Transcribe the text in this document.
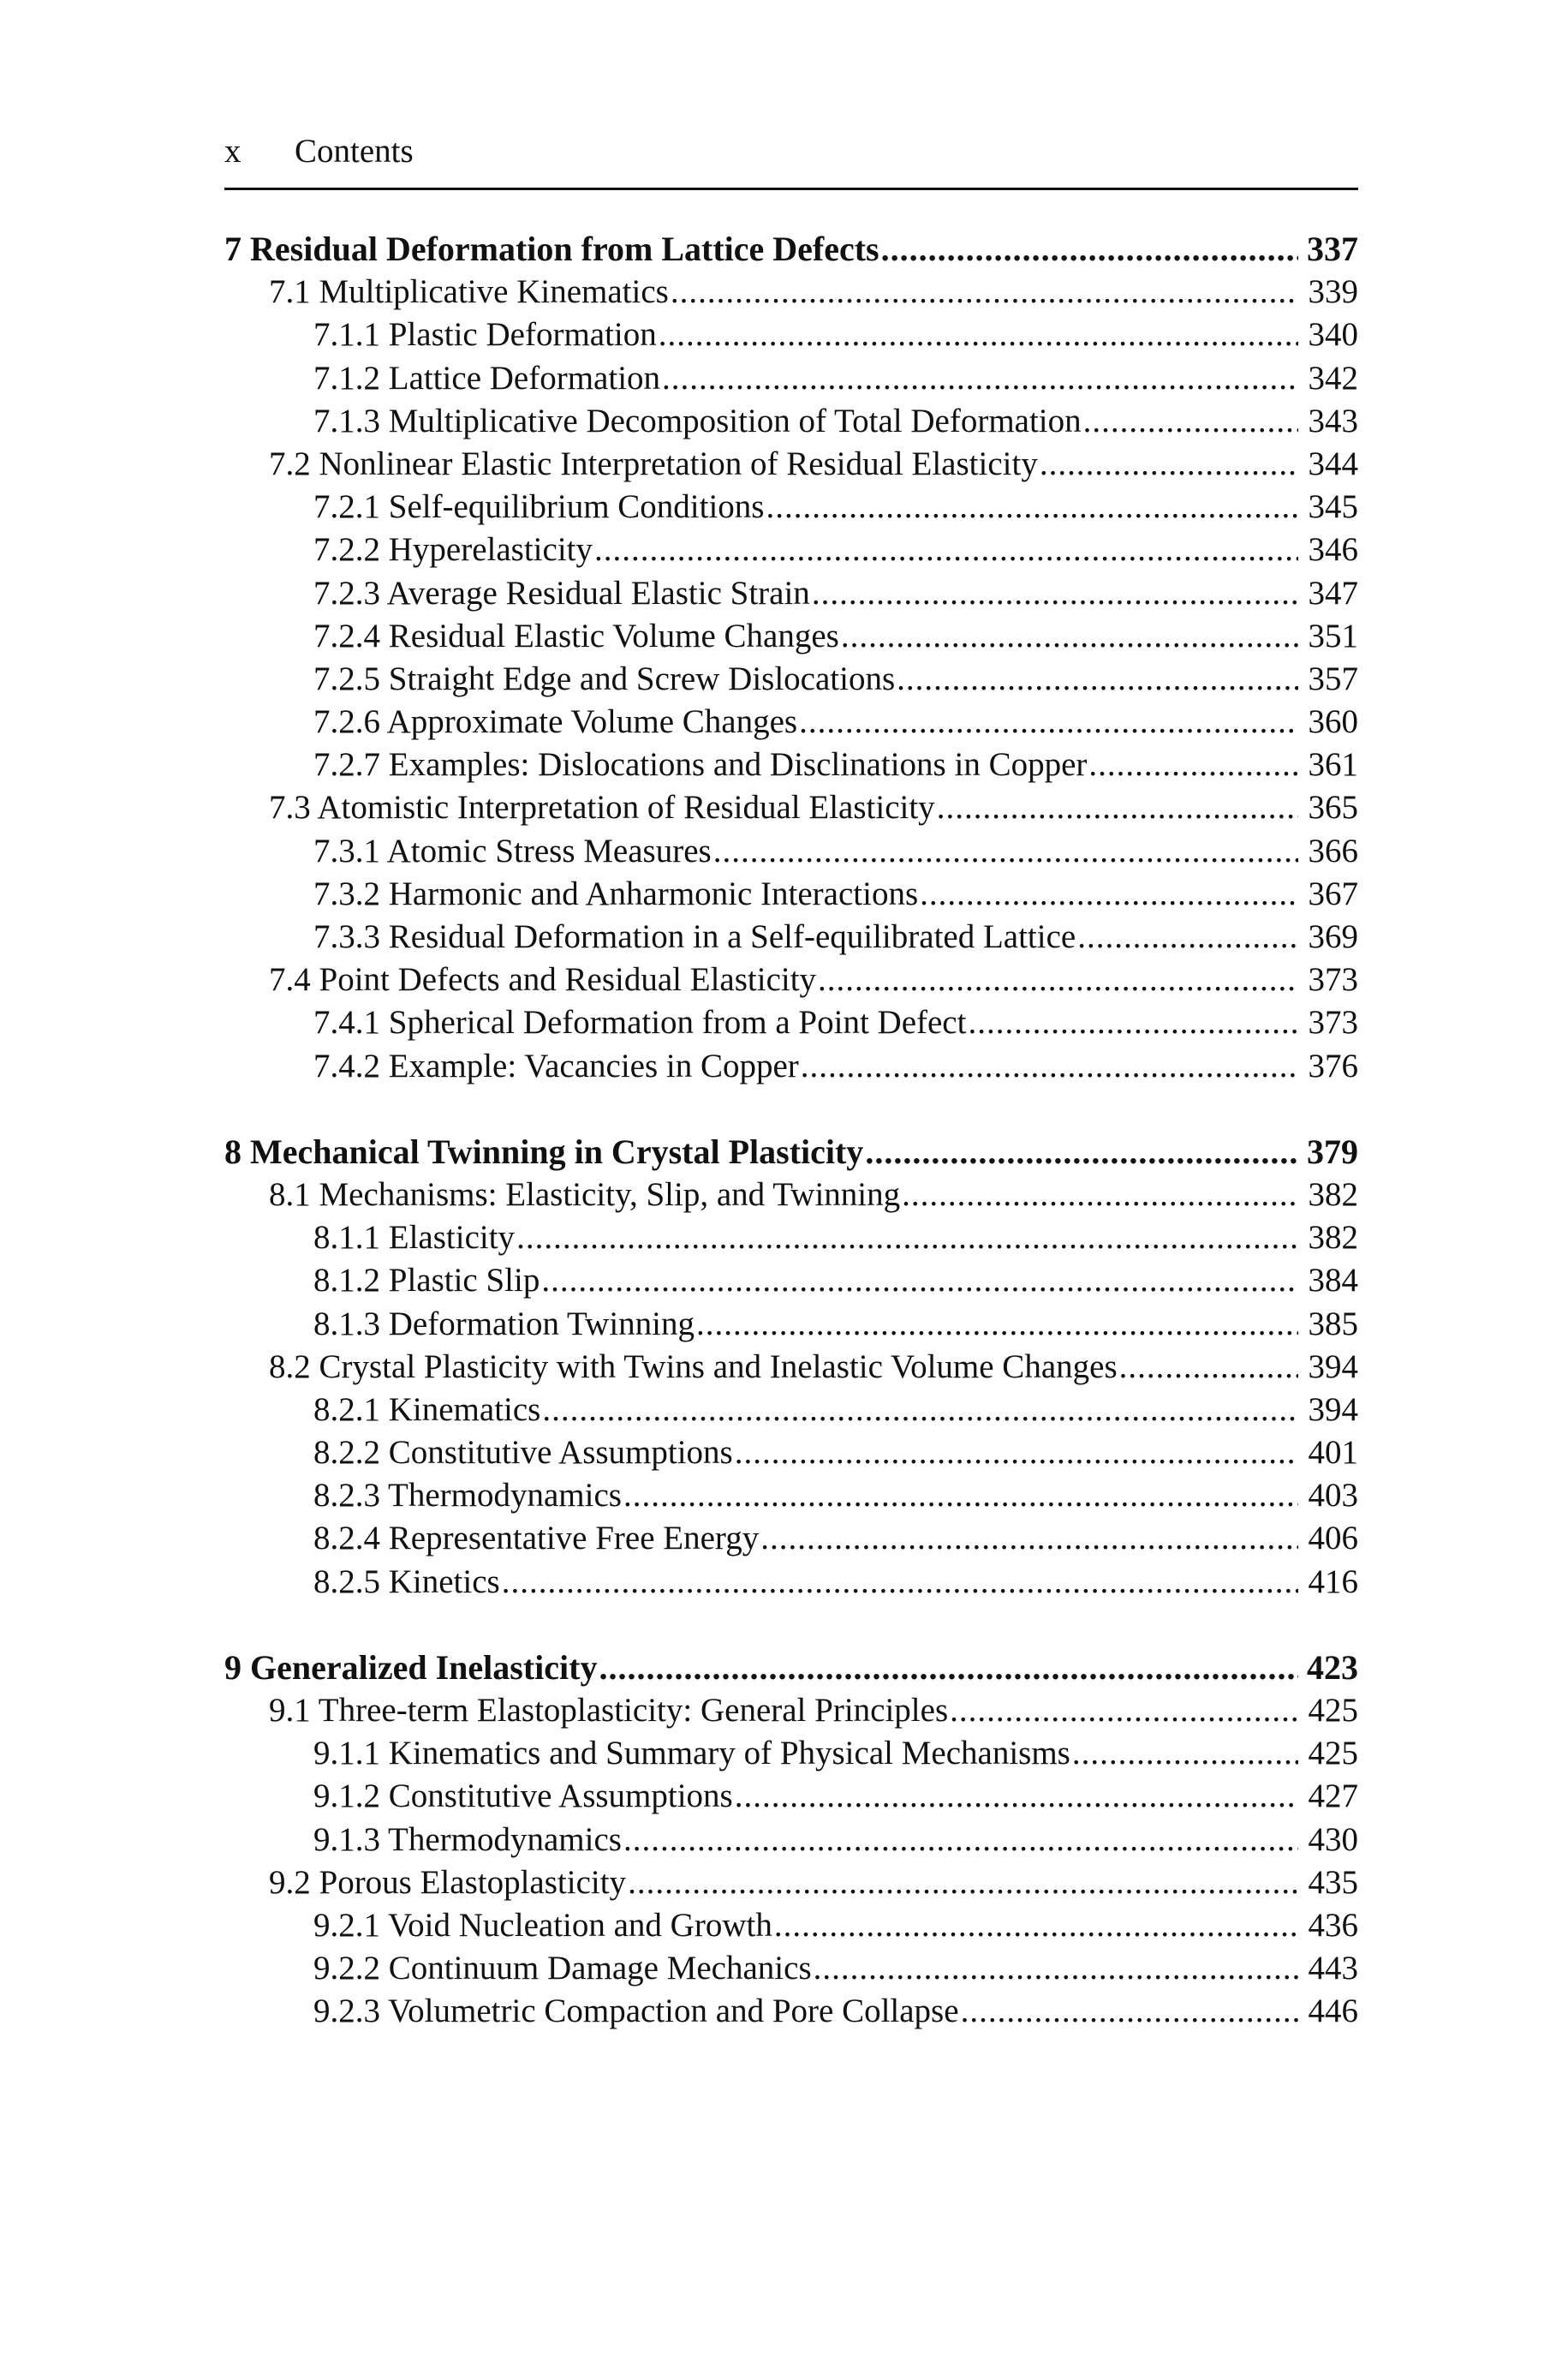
x Contents
7 Residual Deformation from Lattice Defects .....	337
7.1 Multiplicative Kinematics .....	339
7.1.1 Plastic Deformation .....	340
7.1.2 Lattice Deformation .....	342
7.1.3 Multiplicative Decomposition of Total Deformation .....	343
7.2 Nonlinear Elastic Interpretation of Residual Elasticity .....	344
7.2.1 Self-equilibrium Conditions .....	345
7.2.2 Hyperelasticity .....	346
7.2.3 Average Residual Elastic Strain .....	347
7.2.4 Residual Elastic Volume Changes .....	351
7.2.5 Straight Edge and Screw Dislocations .....	357
7.2.6 Approximate Volume Changes .....	360
7.2.7 Examples: Dislocations and Disclinations in Copper .....	361
7.3 Atomistic Interpretation of Residual Elasticity .....	365
7.3.1 Atomic Stress Measures .....	366
7.3.2 Harmonic and Anharmonic Interactions .....	367
7.3.3 Residual Deformation in a Self-equilibrated Lattice .....	369
7.4 Point Defects and Residual Elasticity .....	373
7.4.1 Spherical Deformation from a Point Defect .....	373
7.4.2 Example: Vacancies in Copper .....	376
8 Mechanical Twinning in Crystal Plasticity .....	379
8.1 Mechanisms: Elasticity, Slip, and Twinning .....	382
8.1.1 Elasticity .....	382
8.1.2 Plastic Slip .....	384
8.1.3 Deformation Twinning .....	385
8.2 Crystal Plasticity with Twins and Inelastic Volume Changes .....	394
8.2.1 Kinematics .....	394
8.2.2 Constitutive Assumptions .....	401
8.2.3 Thermodynamics .....	403
8.2.4 Representative Free Energy .....	406
8.2.5 Kinetics .....	416
9 Generalized Inelasticity .....	423
9.1 Three-term Elastoplasticity: General Principles .....	425
9.1.1 Kinematics and Summary of Physical Mechanisms .....	425
9.1.2 Constitutive Assumptions .....	427
9.1.3 Thermodynamics .....	430
9.2 Porous Elastoplasticity .....	435
9.2.1 Void Nucleation and Growth .....	436
9.2.2 Continuum Damage Mechanics .....	443
9.2.3 Volumetric Compaction and Pore Collapse .....	446
